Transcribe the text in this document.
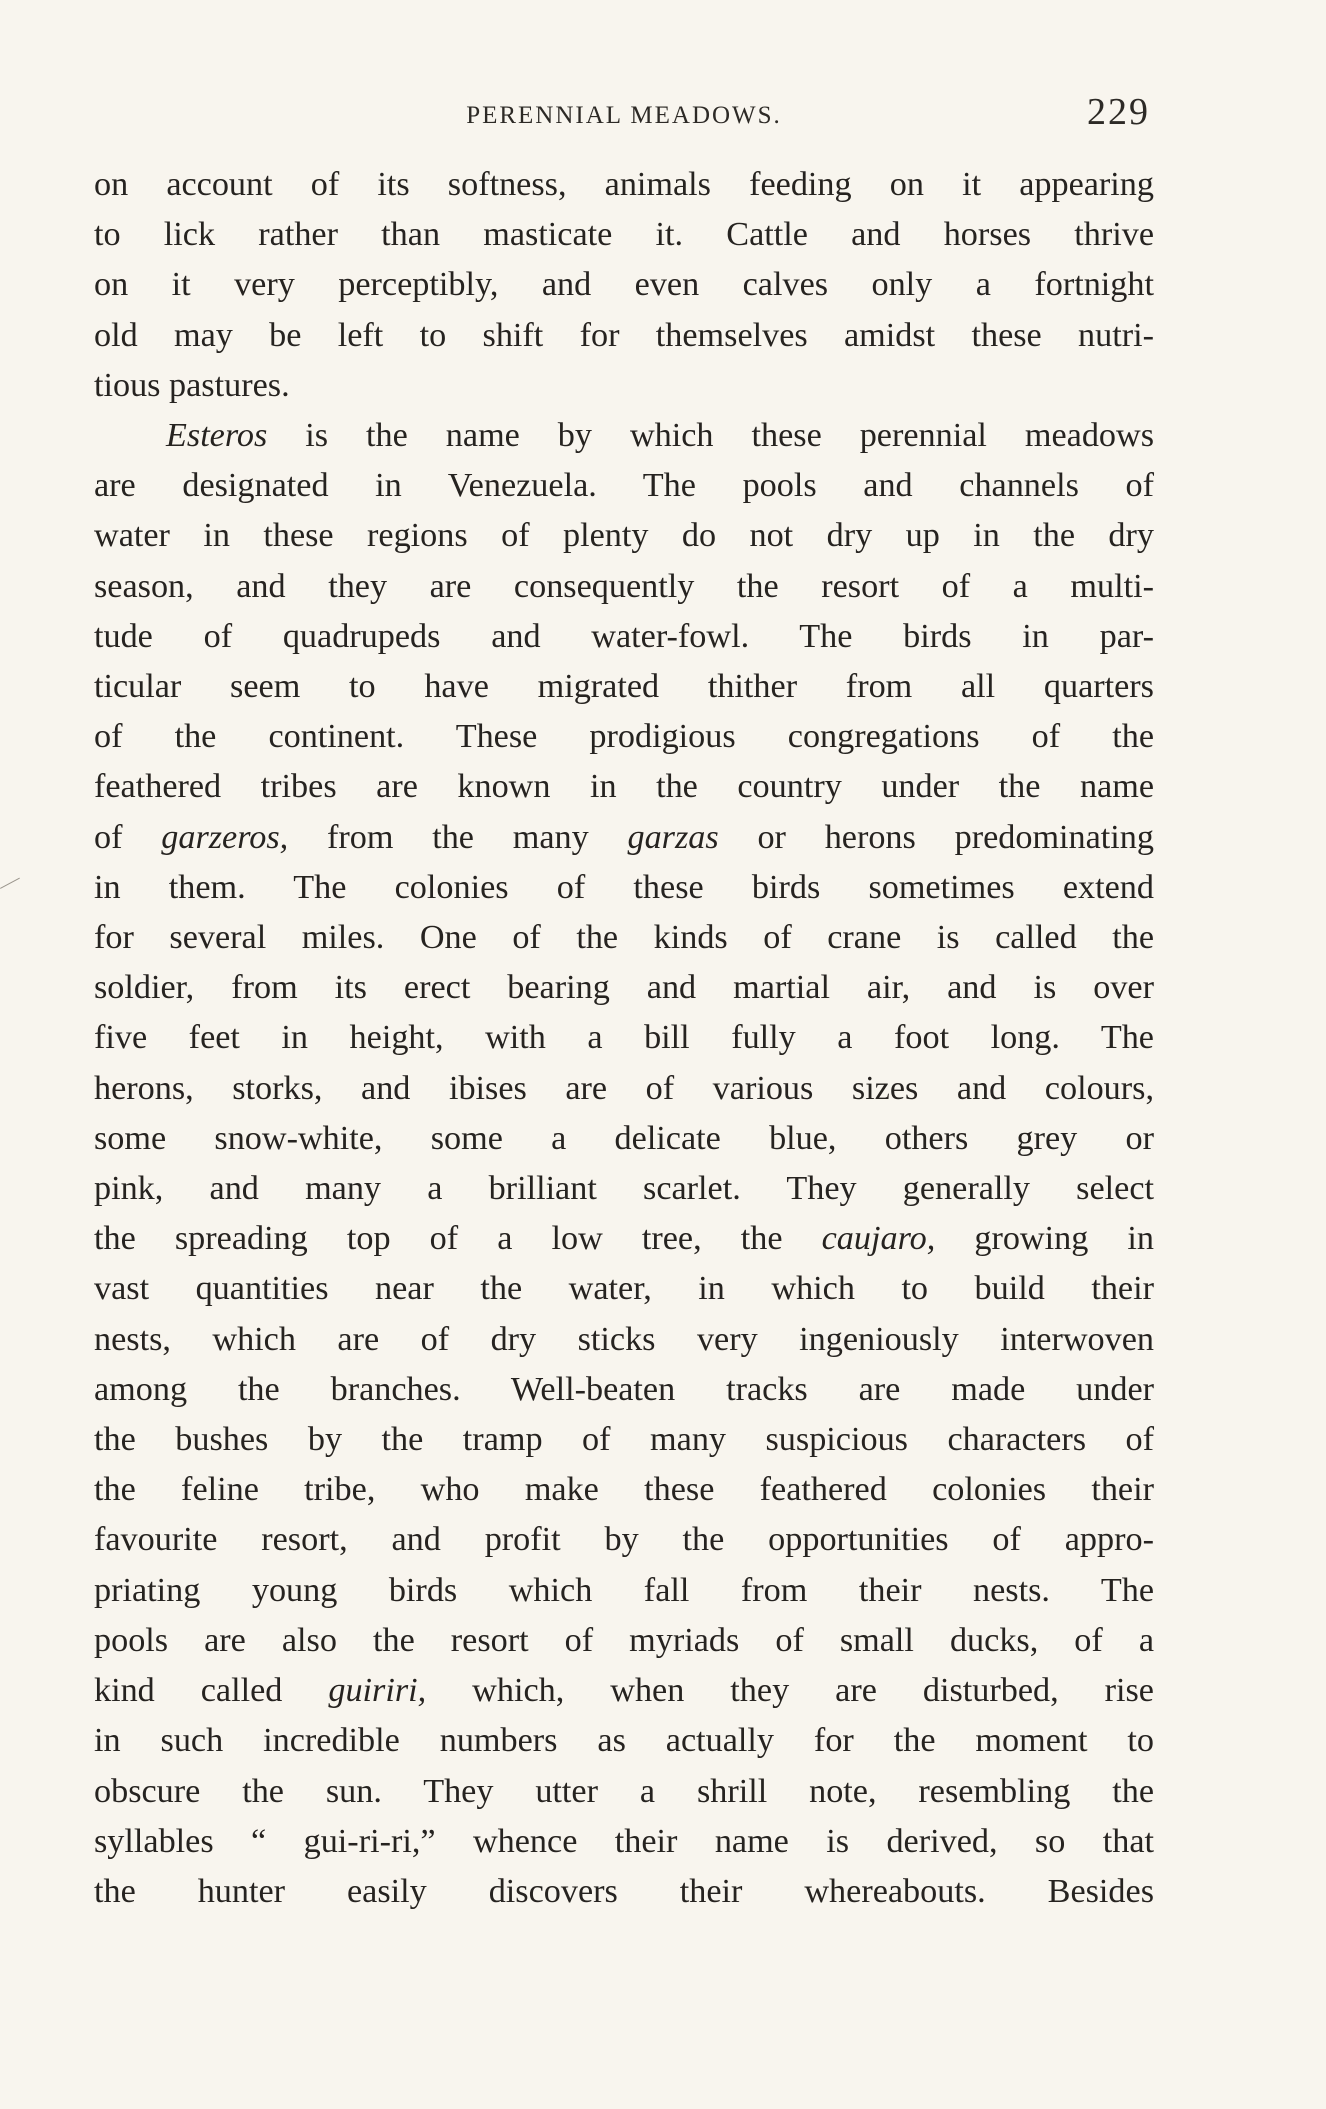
PERENNIAL MEADOWS.	229
on account of its softness, animals feeding on it appearing
to lick rather than masticate it. Cattle and horses thrive
on it very perceptibly, and even calves only a fortnight
old may be left to shift for themselves amidst these nutri-
tious pastures.
Esteros is the name by which these perennial meadows
are designated in Venezuela. The pools and channels of
water in these regions of plenty do not dry up in the dry
season, and they are consequently the resort of a multi-
tude of quadrupeds and water-fowl. The birds in par-
ticular seem to have migrated thither from all quarters
of the continent. These prodigious congregations of the
feathered tribes are known in the country under the name
of garzeros, from the many garzas or herons predominating
in them. The colonies of these birds sometimes extend
for several miles. One of the kinds of crane is called the
soldier, from its erect bearing and martial air, and is over
five feet in height, with a bill fully a foot long. The
herons, storks, and ibises are of various sizes and colours,
some snow-white, some a delicate blue, others grey or
pink, and many a brilliant scarlet. They generally select
the spreading top of a low tree, the caujaro, growing in
vast quantities near the water, in which to build their
nests, which are of dry sticks very ingeniously interwoven
among the branches. Well-beaten tracks are made under
the bushes by the tramp of many suspicious characters of
the feline tribe, who make these feathered colonies their
favourite resort, and profit by the opportunities of appro-
priating young birds which fall from their nests. The
pools are also the resort of myriads of small ducks, of a
kind called guiriri, which, when they are disturbed, rise
in such incredible numbers as actually for the moment to
obscure the sun. They utter a shrill note, resembling the
syllables “ gui-ri-ri,” whence their name is derived, so that
the hunter easily discovers their whereabouts. Besides
